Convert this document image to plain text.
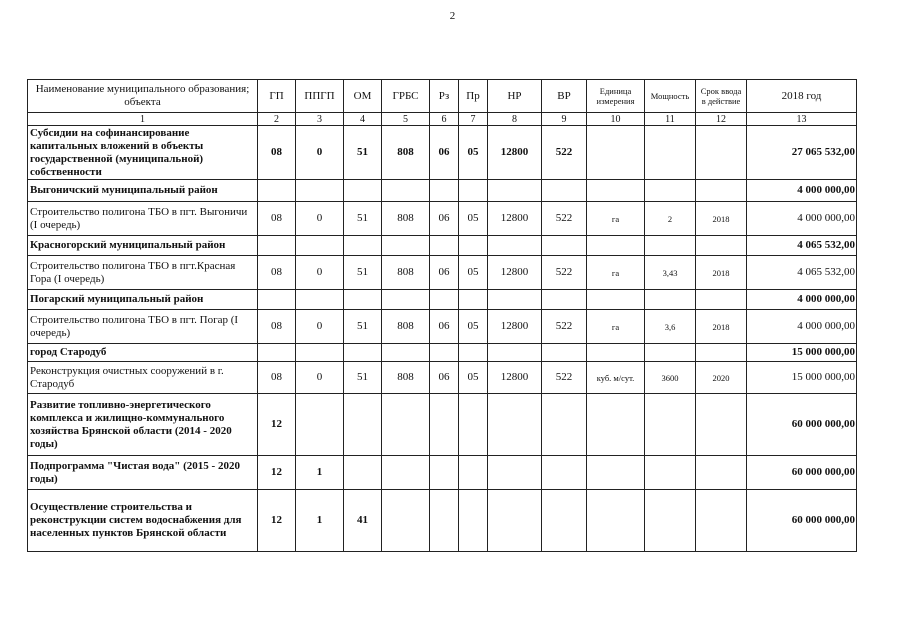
2
Наименование муниципального образования; объекта	ГП	ППГП	ОМ	ГРБС	Рз	Пр	НР	ВР	Единица измерения	Мощность	Срок ввода в действие	2018 год
1	2	3	4	5	6	7	8	9	10	11	12	13
Субсидии на софинансирование капитальных вложений в объекты государственной (муниципальной) собственности	08	0	51	808	06	05	12800	522				27 065 532,00
Выгоничский муниципальный район												4 000 000,00
Строительство полигона ТБО в пгт. Выгоничи (I очередь)	08	0	51	808	06	05	12800	522	га	2	2018	4 000 000,00
Красногорский муниципальный район												4 065 532,00
Строительство полигона ТБО в пгт.Красная Гора (I очередь)	08	0	51	808	06	05	12800	522	га	3,43	2018	4 065 532,00
Погарский муниципальный район												4 000 000,00
Строительство полигона ТБО в пгт. Погар (I очередь)	08	0	51	808	06	05	12800	522	га	3,6	2018	4 000 000,00
город Стародуб												15 000 000,00
Реконструкция очистных сооружений в г. Стародуб	08	0	51	808	06	05	12800	522	куб. м/сут.	3600	2020	15 000 000,00
Развитие топливно-энергетического комплекса и жилищно-коммунального хозяйства Брянской области (2014 - 2020 годы)	12											60 000 000,00
Подпрограмма "Чистая вода" (2015 - 2020 годы)	12	1										60 000 000,00
Осуществление строительства и реконструкции систем водоснабжения для населенных пунктов Брянской области	12	1	41									60 000 000,00
